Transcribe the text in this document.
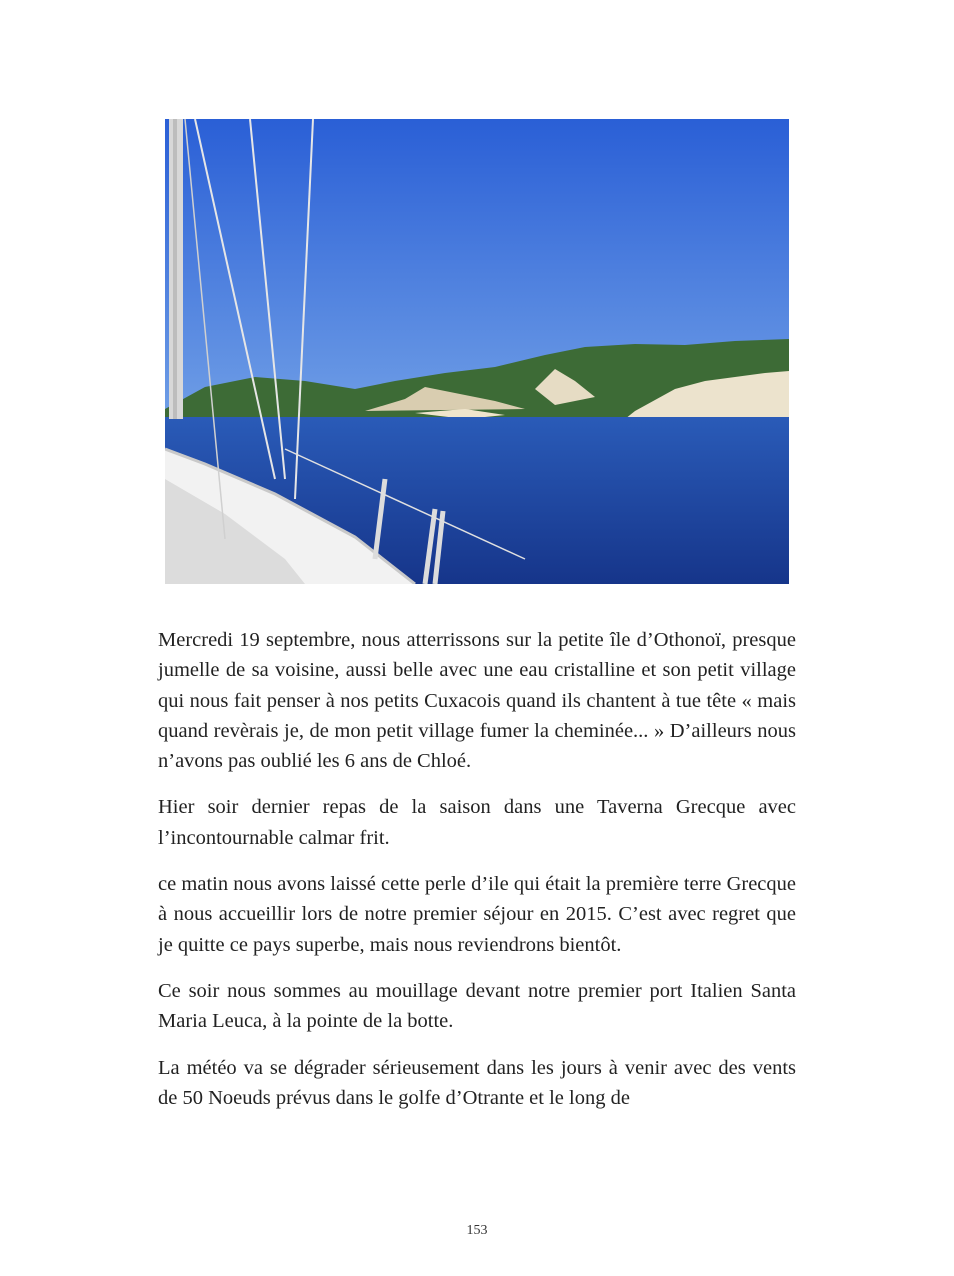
Mercredi 19 septembre, nous atterrissons sur la petite île d’Othonoï, presque jumelle de sa voisine, aussi belle avec une eau cristalline et son petit village qui nous fait penser à nos petits Cuxacois quand ils chantent à tue tête « mais quand revèrais je, de mon petit village fumer la cheminée... » D’ailleurs nous n’avons pas oublié les 6 ans de Chloé.

Hier soir dernier repas de la saison dans une Taverna Grecque avec l’incontournable calmar frit.

ce matin nous avons laissé cette perle d’ile qui était la première terre Grecque à nous accueillir lors de notre premier séjour en 2015. C’est avec regret que je quitte ce pays superbe, mais nous reviendrons bientôt.

Ce soir nous sommes au mouillage devant notre premier port Italien Santa Maria Leuca, à la pointe de la botte.

La météo va se dégrader sérieusement dans les jours à venir avec des vents de 50 Noeuds prévus dans le golfe d’Otrante et le long de

153
